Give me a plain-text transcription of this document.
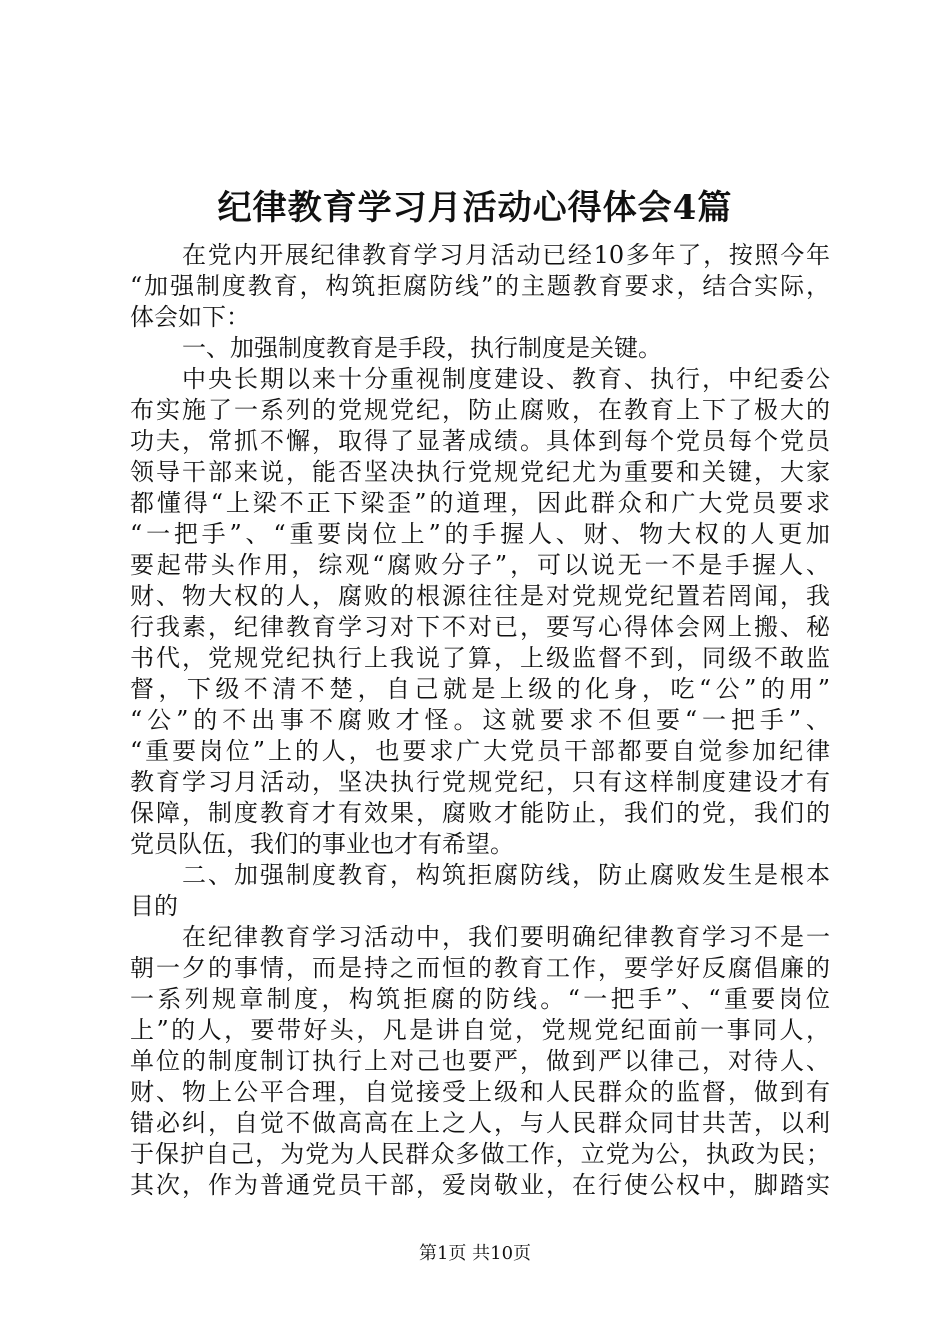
纪律教育学习月活动心得体会4篇

在党内开展纪律教育学习月活动已经10多年了，按照今年

“加强制度教育，构筑拒腐防线”的主题教育要求，结合实际，

体会如下：

一、加强制度教育是手段，执行制度是关键。

中央长期以来十分重视制度建设、教育、执行，中纪委公

布实施了一系列的党规党纪，防止腐败，在教育上下了极大的

功夫，常抓不懈，取得了显著成绩。具体到每个党员每个党员

领导干部来说，能否坚决执行党规党纪尤为重要和关键，大家

都懂得“上梁不正下梁歪”的道理，因此群众和广大党员要求

“一把手”、“重要岗位上”的手握人、财、物大权的人更加

要起带头作用，综观“腐败分子”，可以说无一不是手握人、

财、物大权的人，腐败的根源往往是对党规党纪置若罔闻，我

行我素，纪律教育学习对下不对已，要写心得体会网上搬、秘

书代，党规党纪执行上我说了算，上级监督不到，同级不敢监

督，下级不清不楚，自己就是上级的化身，吃“公”的用”

“公”的不出事不腐败才怪。这就要求不但要“一把手”、

“重要岗位”上的人，也要求广大党员干部都要自觉参加纪律

教育学习月活动，坚决执行党规党纪，只有这样制度建设才有

保障，制度教育才有效果，腐败才能防止，我们的党，我们的

党员队伍，我们的事业也才有希望。

二、加强制度教育，构筑拒腐防线，防止腐败发生是根本

目的

在纪律教育学习活动中，我们要明确纪律教育学习不是一

朝一夕的事情，而是持之而恒的教育工作，要学好反腐倡廉的

一系列规章制度，构筑拒腐的防线。“一把手”、“重要岗位

上”的人，要带好头，凡是讲自觉，党规党纪面前一事同人，

单位的制度制订执行上对己也要严，做到严以律己，对待人、

财、物上公平合理，自觉接受上级和人民群众的监督，做到有

错必纠，自觉不做高高在上之人，与人民群众同甘共苦，以利

于保护自己，为党为人民群众多做工作，立党为公，执政为民；

其次，作为普通党员干部，爱岗敬业，在行使公权中，脚踏实

第1页 共10页
